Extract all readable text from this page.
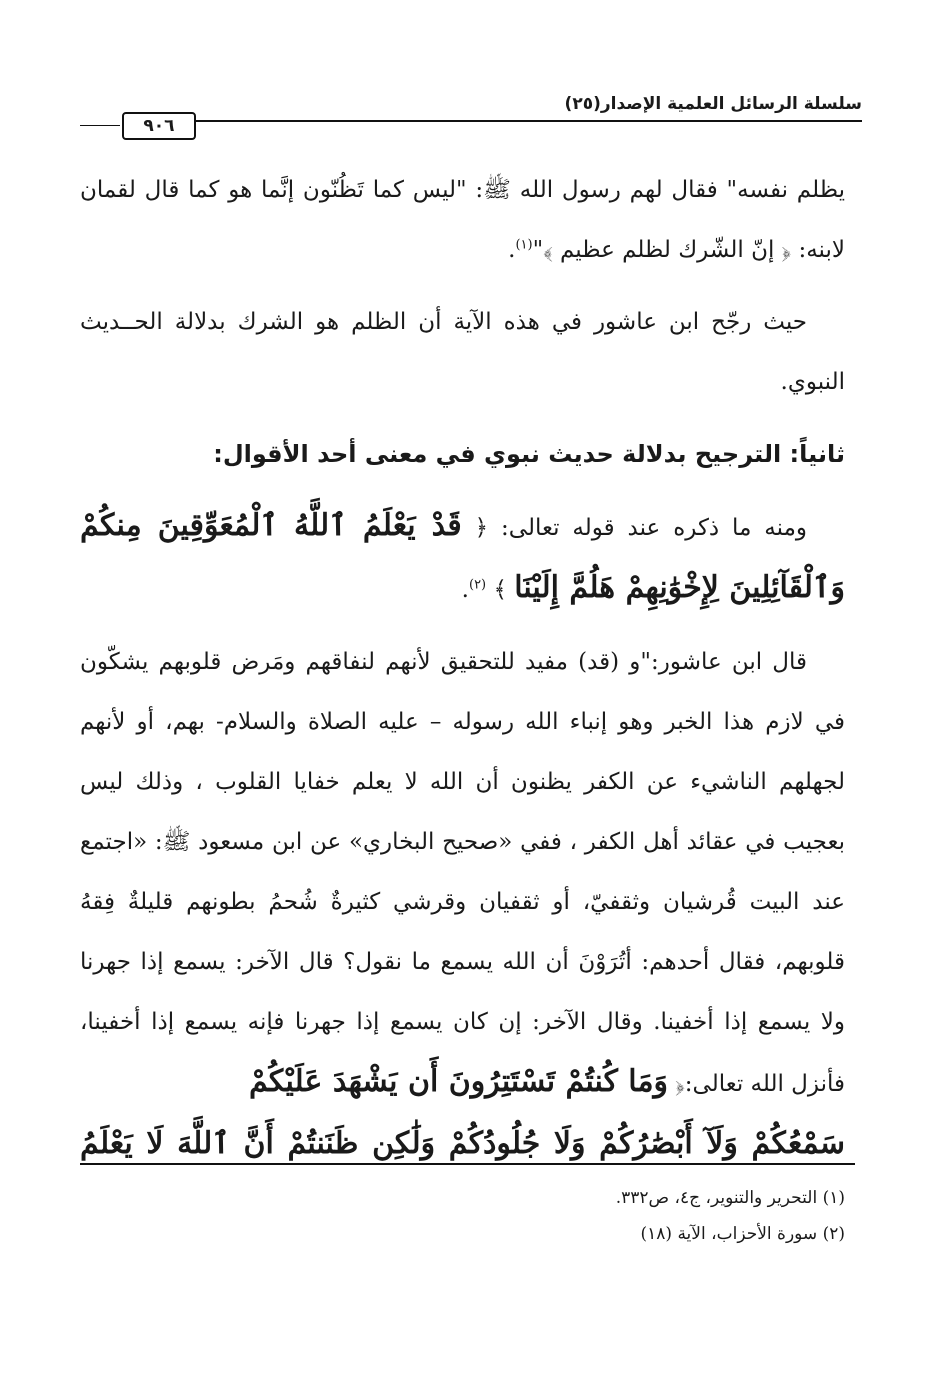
سلسلة الرسائل العلمية الإصدار(٢٥)
٩٠٦

يظلم نفسه" فقال لهم رسول الله ﷺ: "ليس كما تَظُنّون إنَّما هو كما قال لقمان لابنه: ﴿ إنّ الشّرك لظلم عظيم ﴾"$^{(١)}$.

حيث رجّح ابن عاشور في هذه الآية أن الظلم هو الشرك بدلالة الحــديث النبوي.

ثانياً: الترجيح بدلالة حديث نبوي في معنى أحد الأقوال:

ومنه ما ذكره عند قوله تعالى: ﴿ قَدْ يَعْلَمُ ٱللَّهُ ٱلْمُعَوِّقِينَ مِنكُمْ وَٱلْقَآئِلِينَ لِإِخْوَٰنِهِمْ هَلُمَّ إِلَيْنَا ﴾ $^{(٢)}$.

قال ابن عاشور:"و (قد) مفيد للتحقيق لأنهم لنفاقهم ومَرض قلوبهم يشكّون في لازم هذا الخبر وهو إنباء الله رسوله – عليه الصلاة والسلام- بهم، أو لأنهم لجهلهم الناشيء عن الكفر يظنون أن الله لا يعلم خفايا القلوب ، وذلك ليس بعجيب في عقائد أهل الكفر ، ففي «صحيح البخاري» عن ابن مسعود ﷺ: «اجتمع عند البيت قُرشيان وثقفيّ، أو ثقفيان وقرشي كثيرةٌ شُحمُ بطونهم قليلةٌ فِقهُ قلوبهم، فقال أحدهم: أتُرَوْنَ أن الله يسمع ما نقول؟ قال الآخر: يسمع إذا جهرنا ولا يسمع إذا أخفينا. وقال الآخر: إن كان يسمع إذا جهرنا فإنه يسمع إذا أخفينا، فأنزل الله تعالى:﴿ وَمَا كُنتُمْ تَسْتَتِرُونَ أَن يَشْهَدَ عَلَيْكُمْ

سَمْعُكُمْ وَلَآ أَبْصَٰرُكُمْ وَلَا جُلُودُكُمْ وَلَٰكِن ظَنَنتُمْ أَنَّ ٱللَّهَ لَا يَعْلَمُ
(١) التحرير والتنوير، ج٤، ص٣٣٢.
(٢) سورة الأحزاب، الآية (١٨)
